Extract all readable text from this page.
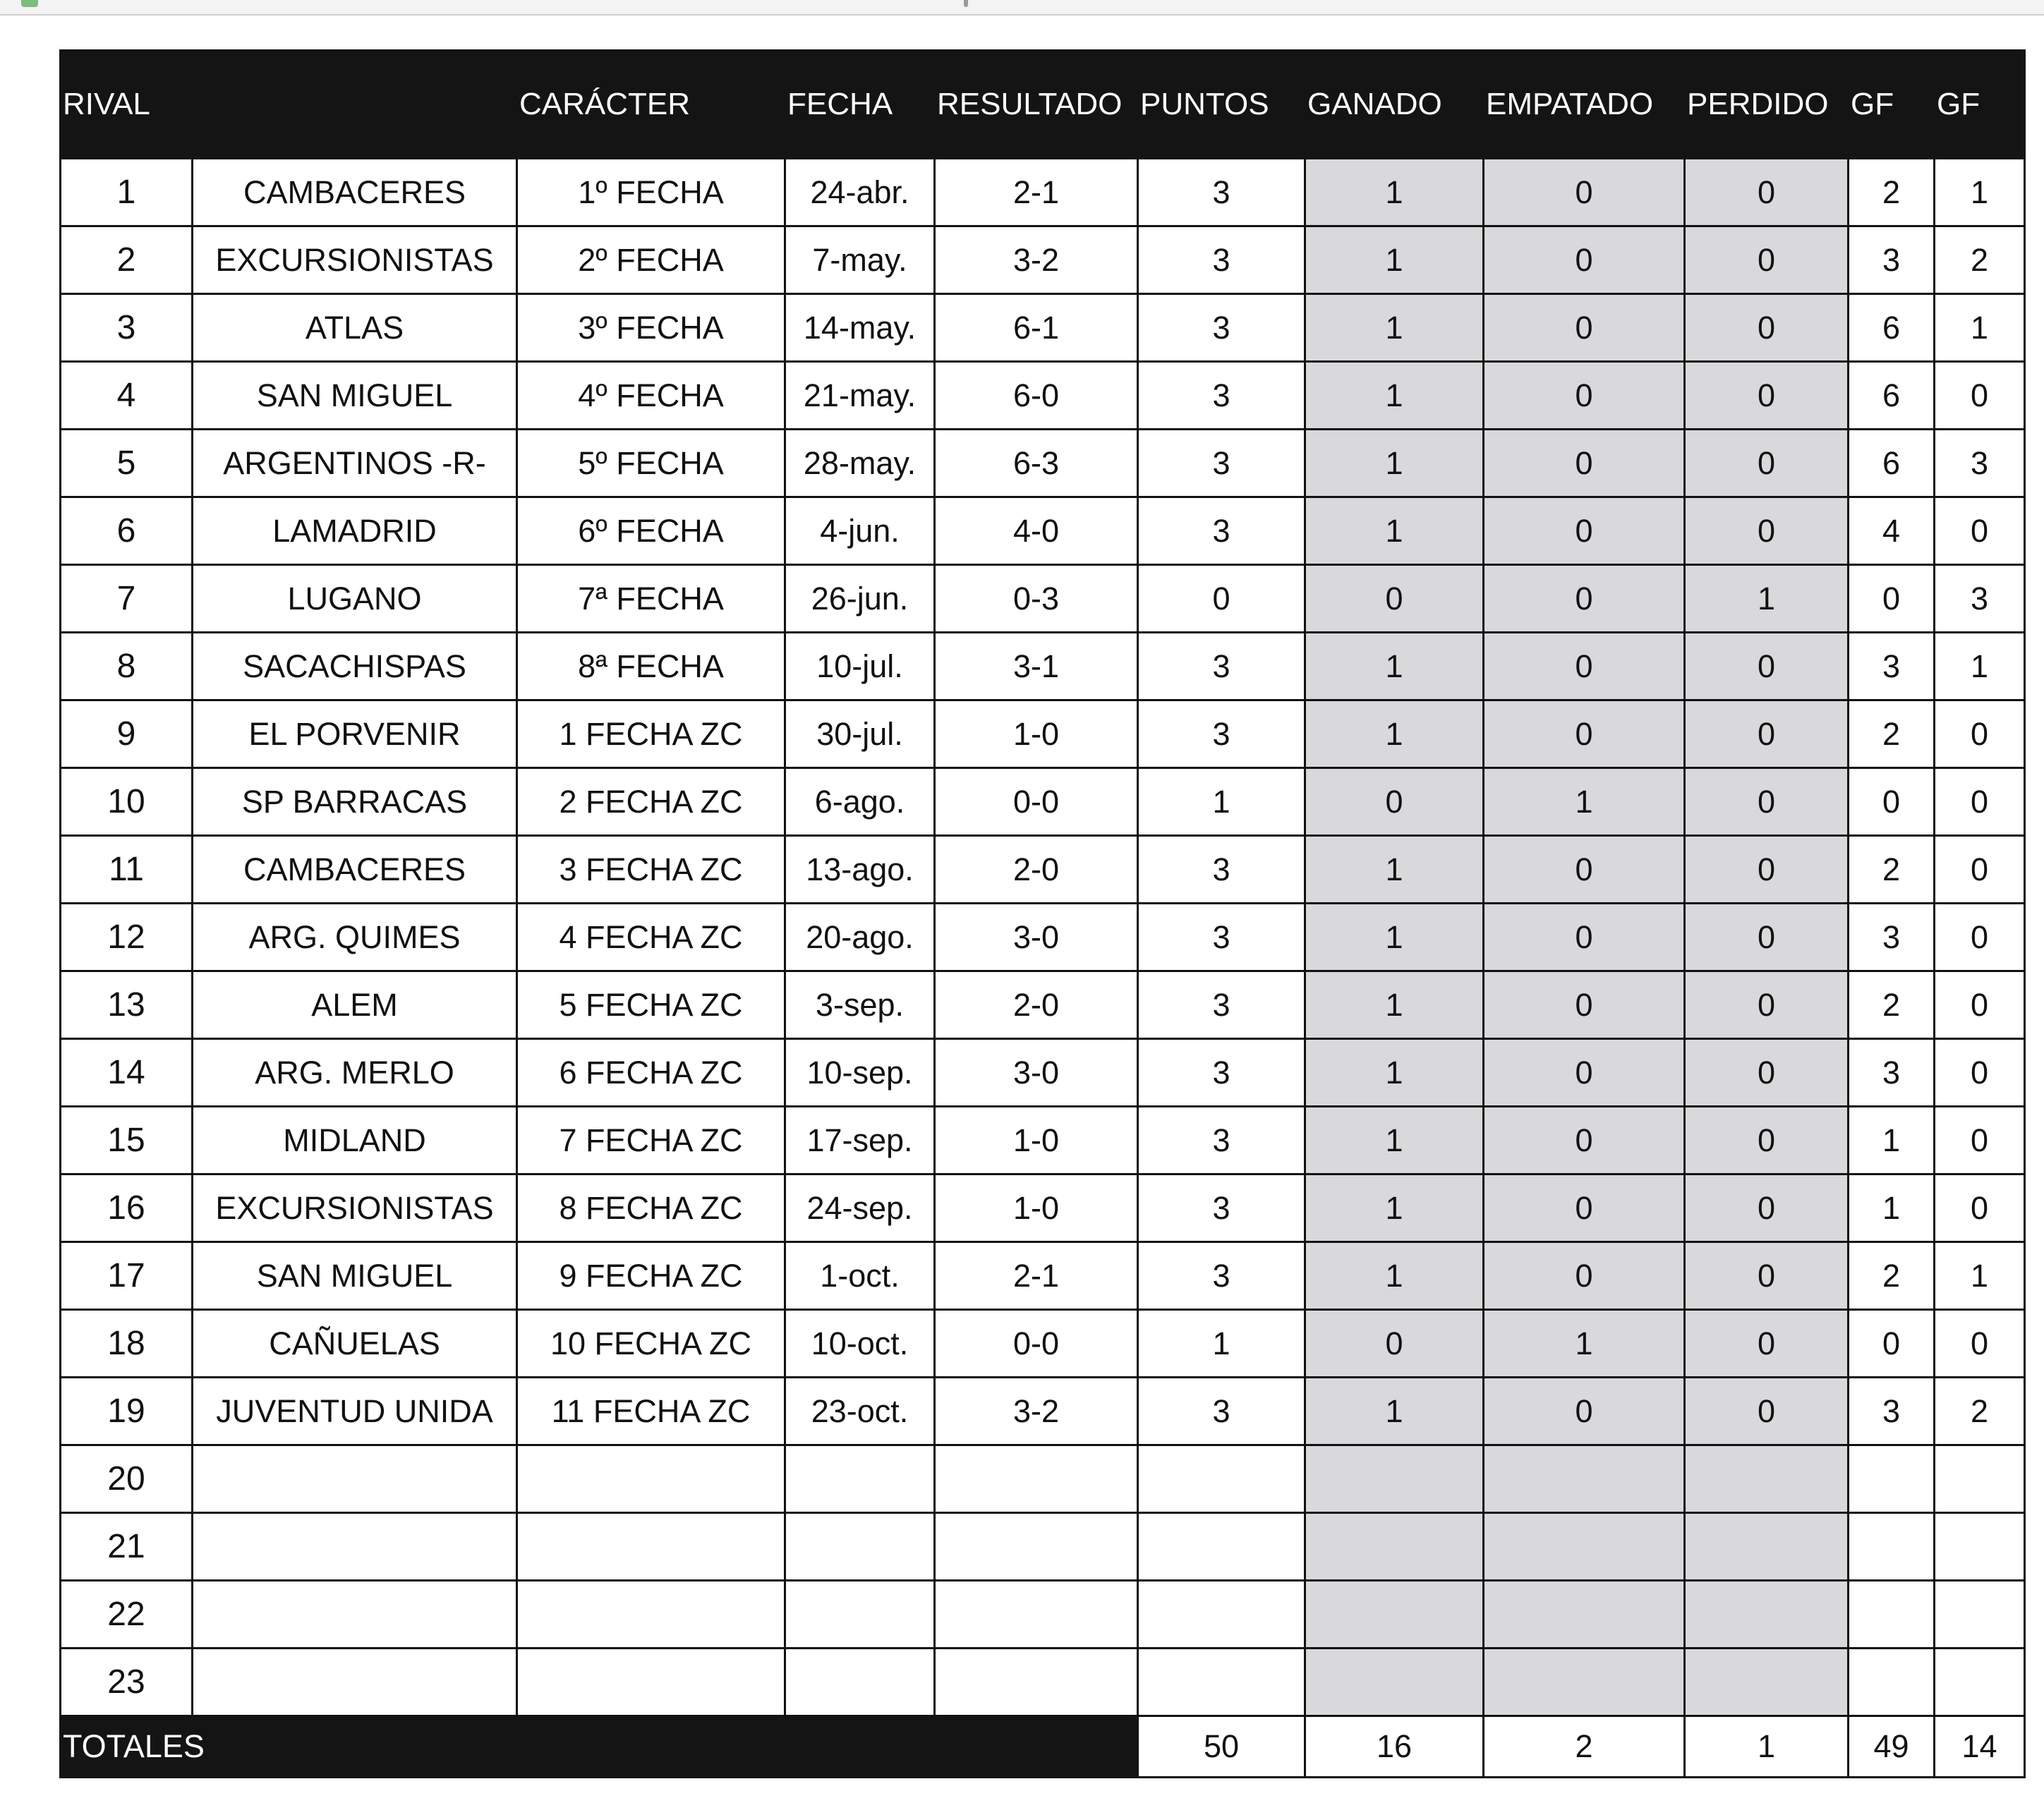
RIVAL		CARÁCTER	FECHA	RESULTADO	PUNTOS	GANADO	EMPATADO	PERDIDO	GF	GF
1	CAMBACERES	1º FECHA	24-abr.	2-1	3	1	0	0	2	1
2	EXCURSIONISTAS	2º FECHA	7-may.	3-2	3	1	0	0	3	2
3	ATLAS	3º FECHA	14-may.	6-1	3	1	0	0	6	1
4	SAN MIGUEL	4º FECHA	21-may.	6-0	3	1	0	0	6	0
5	ARGENTINOS -R-	5º FECHA	28-may.	6-3	3	1	0	0	6	3
6	LAMADRID	6º FECHA	4-jun.	4-0	3	1	0	0	4	0
7	LUGANO	7ª FECHA	26-jun.	0-3	0	0	0	1	0	3
8	SACACHISPAS	8ª FECHA	10-jul.	3-1	3	1	0	0	3	1
9	EL PORVENIR	1 FECHA ZC	30-jul.	1-0	3	1	0	0	2	0
10	SP BARRACAS	2 FECHA ZC	6-ago.	0-0	1	0	1	0	0	0
11	CAMBACERES	3 FECHA ZC	13-ago.	2-0	3	1	0	0	2	0
12	ARG. QUIMES	4 FECHA ZC	20-ago.	3-0	3	1	0	0	3	0
13	ALEM	5 FECHA ZC	3-sep.	2-0	3	1	0	0	2	0
14	ARG. MERLO	6 FECHA ZC	10-sep.	3-0	3	1	0	0	3	0
15	MIDLAND	7 FECHA ZC	17-sep.	1-0	3	1	0	0	1	0
16	EXCURSIONISTAS	8 FECHA ZC	24-sep.	1-0	3	1	0	0	1	0
17	SAN MIGUEL	9 FECHA ZC	1-oct.	2-1	3	1	0	0	2	1
18	CAÑUELAS	10 FECHA ZC	10-oct.	0-0	1	0	1	0	0	0
19	JUVENTUD UNIDA	11 FECHA ZC	23-oct.	3-2	3	1	0	0	3	2
20										
21										
22										
23										
TOTALES					50	16	2	1	49	14
